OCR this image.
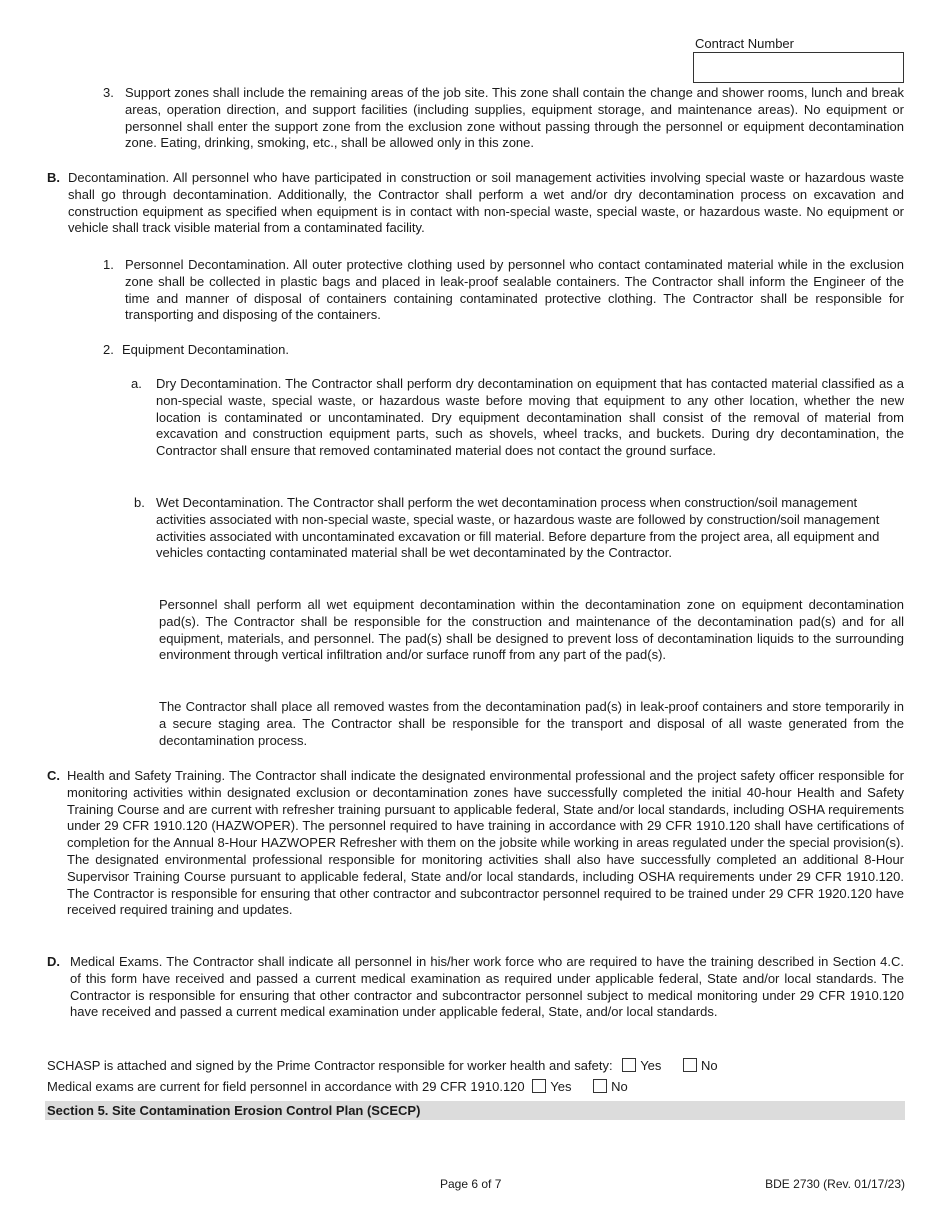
Contract Number
3. Support zones shall include the remaining areas of the job site. This zone shall contain the change and shower rooms, lunch and break areas, operation direction, and support facilities (including supplies, equipment storage, and maintenance areas). No equipment or personnel shall enter the support zone from the exclusion zone without passing through the personnel or equipment decontamination zone. Eating, drinking, smoking, etc., shall be allowed only in this zone.
B. Decontamination. All personnel who have participated in construction or soil management activities involving special waste or hazardous waste shall go through decontamination. Additionally, the Contractor shall perform a wet and/or dry decontamination process on excavation and construction equipment as specified when equipment is in contact with non-special waste, special waste, or hazardous waste. No equipment or vehicle shall track visible material from a contaminated facility.
1. Personnel Decontamination. All outer protective clothing used by personnel who contact contaminated material while in the exclusion zone shall be collected in plastic bags and placed in leak-proof sealable containers. The Contractor shall inform the Engineer of the time and manner of disposal of containers containing contaminated protective clothing. The Contractor shall be responsible for transporting and disposing of the containers.
2. Equipment Decontamination.
a.	Dry Decontamination. The Contractor shall perform dry decontamination on equipment that has contacted material classified as a non-special waste, special waste, or hazardous waste before moving that equipment to any other location, whether the new location is contaminated or uncontaminated. Dry equipment decontamination shall consist of the removal of material from excavation and construction equipment parts, such as shovels, wheel tracks, and buckets. During dry decontamination, the Contractor shall ensure that removed contaminated material does not contact the ground surface.
b. Wet Decontamination. The Contractor shall perform the wet decontamination process when construction/soil management activities associated with non-special waste, special waste, or hazardous waste are followed by construction/soil management activities associated with uncontaminated excavation or fill material. Before departure from the project area, all equipment and vehicles contacting contaminated material shall be wet decontaminated by the Contractor.
Personnel shall perform all wet equipment decontamination within the decontamination zone on equipment decontamination pad(s). The Contractor shall be responsible for the construction and maintenance of the decontamination pad(s) and for all equipment, materials, and personnel. The pad(s) shall be designed to prevent loss of decontamination liquids to the surrounding environment through vertical infiltration and/or surface runoff from any part of the pad(s).
The Contractor shall place all removed wastes from the decontamination pad(s) in leak-proof containers and store temporarily in a secure staging area. The Contractor shall be responsible for the transport and disposal of all waste generated from the decontamination process.
C. Health and Safety Training. The Contractor shall indicate the designated environmental professional and the project safety officer responsible for monitoring activities within designated exclusion or decontamination zones have successfully completed the initial 40-hour Health and Safety Training Course and are current with refresher training pursuant to applicable federal, State and/or local standards, including OSHA requirements under 29 CFR 1910.120 (HAZWOPER). The personnel required to have training in accordance with 29 CFR 1910.120 shall have certifications of completion for the Annual 8-Hour HAZWOPER Refresher with them on the jobsite while working in areas regulated under the special provision(s). The designated environmental professional responsible for monitoring activities shall also have successfully completed an additional 8-Hour Supervisor Training Course pursuant to applicable federal, State and/or local standards, including OSHA requirements under 29 CFR 1910.120. The Contractor is responsible for ensuring that other contractor and subcontractor personnel required to be trained under 29 CFR 1920.120 have received required training and updates.
D. Medical Exams. The Contractor shall indicate all personnel in his/her work force who are required to have the training described in Section 4.C. of this form have received and passed a current medical examination as required under applicable federal, State and/or local standards. The Contractor is responsible for ensuring that other contractor and subcontractor personnel subject to medical monitoring under 29 CFR 1910.120 have received and passed a current medical examination under applicable federal, State, and/or local standards.
SCHASP is attached and signed by the Prime Contractor responsible for worker health and safety: Yes	No
Medical exams are current for field personnel in accordance with 29 CFR 1910.120 Yes	No
Section 5. Site Contamination Erosion Control Plan (SCECP)
Page 6 of 7	BDE 2730 (Rev. 01/17/23)
